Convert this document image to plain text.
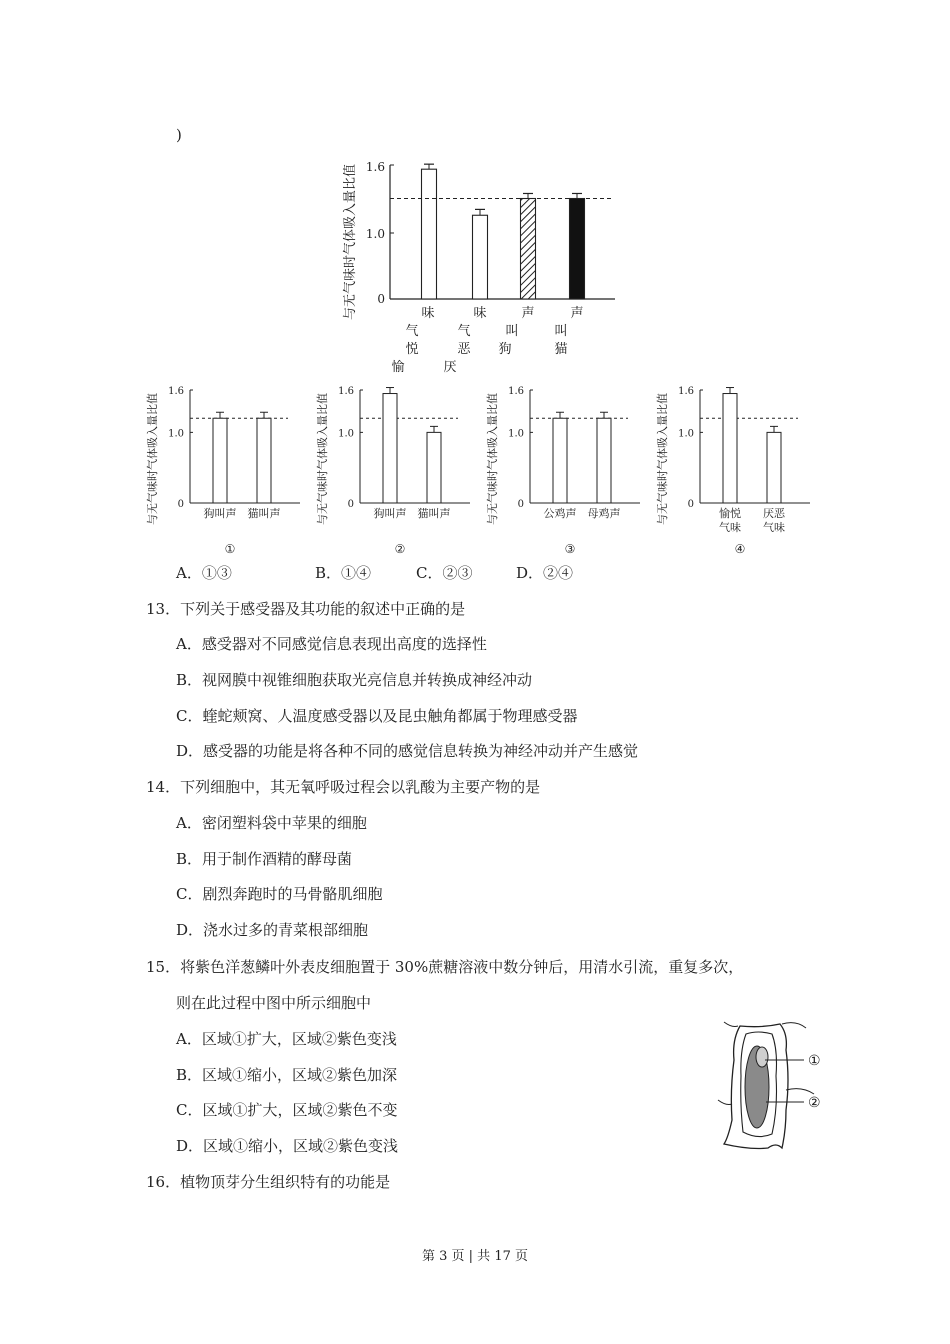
)
与无气味时气体吸入量比值 0
1.0
1.6
味
气
悦
愉
味
气
恶
厌
声
叫
狗
声
叫
猫
与无气味时气体吸入量比值 0
1.0
1.6
狗叫声 猫叫声
①
与无气味时气体吸入量比值 0
1.0
1.6
狗叫声 猫叫声
②
与无气味时气体吸入量比值 0
1.0
1.6
公鸡声 母鸡声
③
与无气味时气体吸入量比值 0
1.0
1.6
愉悦
气味
厌恶
气味
④
A．①③	B．①④	C．②③	D．②④
13．下列关于感受器及其功能的叙述中正确的是
A．感受器对不同感觉信息表现出高度的选择性
B．视网膜中视锥细胞获取光亮信息并转换成神经冲动
C．蝰蛇颊窝、人温度感受器以及昆虫触角都属于物理感受器
D．感受器的功能是将各种不同的感觉信息转换为神经冲动并产生感觉
14．下列细胞中，其无氧呼吸过程会以乳酸为主要产物的是
A．密闭塑料袋中苹果的细胞
B．用于制作酒精的酵母菌
C．剧烈奔跑时的马骨骼肌细胞
D．浇水过多的青菜根部细胞
15．将紫色洋葱鳞叶外表皮细胞置于 30%蔗糖溶液中数分钟后，用清水引流，重复多次，
则在此过程中图中所示细胞中
A．区域①扩大，区域②紫色变浅
B．区域①缩小，区域②紫色加深
C．区域①扩大，区域②紫色不变
D．区域①缩小，区域②紫色变浅
①
②
16．植物顶芽分生组织特有的功能是
第 3 页 | 共 17 页
